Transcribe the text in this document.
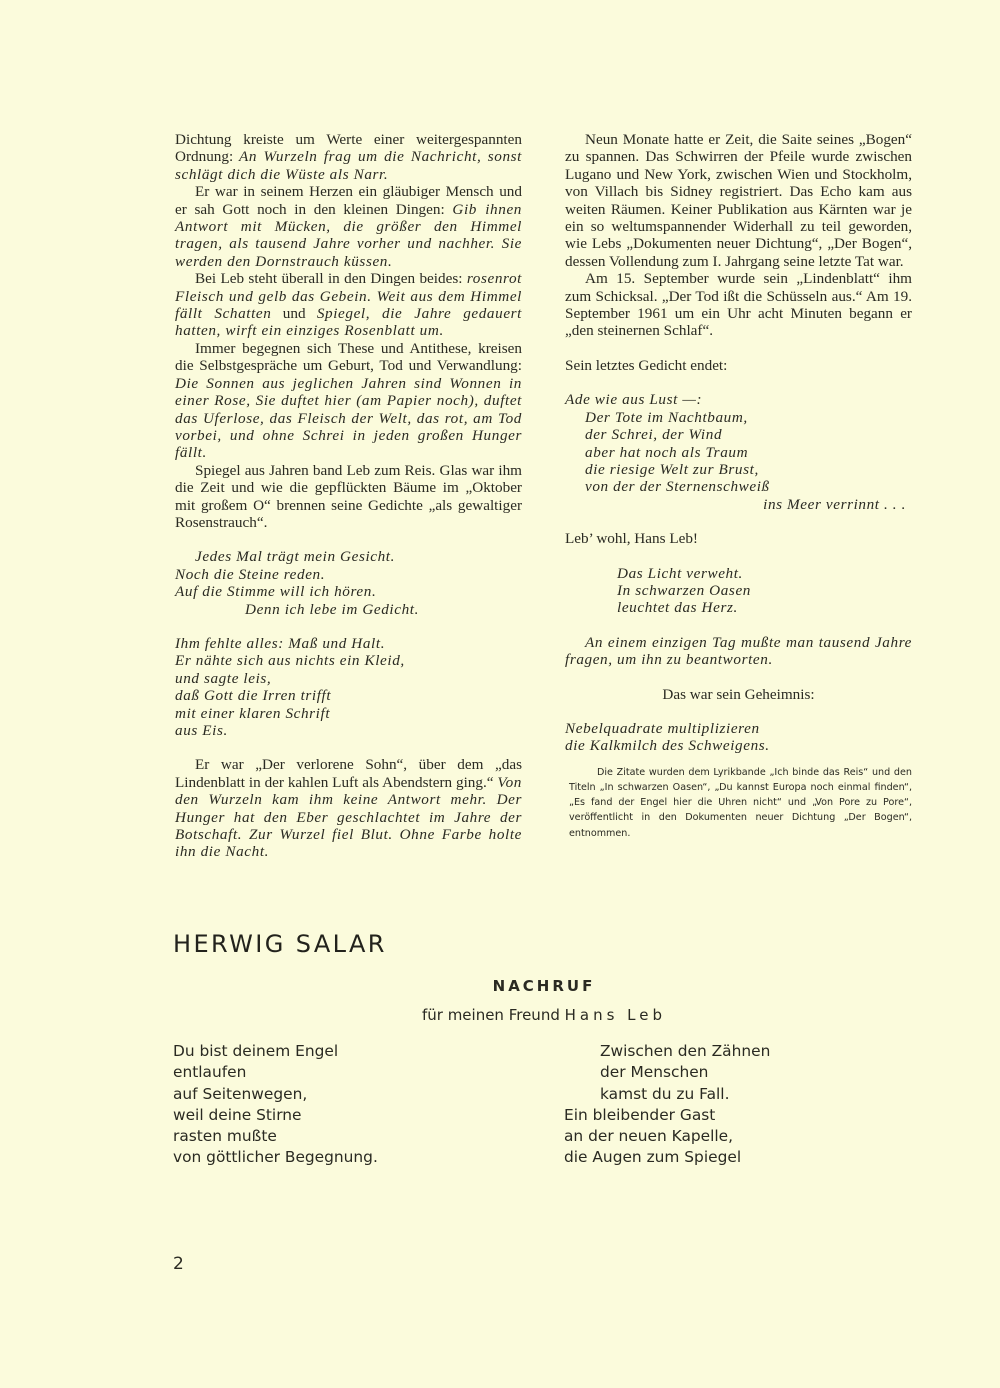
Dichtung kreiste um Werte einer weitergespannten Ordnung: An Wurzeln frag um die Nachricht, sonst schlägt dich die Wüste als Narr.

Er war in seinem Herzen ein gläubiger Mensch und er sah Gott noch in den kleinen Dingen: Gib ihnen Antwort mit Mücken, die größer den Himmel tragen, als tausend Jahre vorher und nachher. Sie werden den Dornstrauch küssen.

Bei Leb steht überall in den Dingen beides: rosenrot Fleisch und gelb das Gebein. Weit aus dem Himmel fällt Schatten und Spiegel, die Jahre gedauert hatten, wirft ein einziges Rosenblatt um.

Immer begegnen sich These und Antithese, kreisen die Selbstgespräche um Geburt, Tod und Verwandlung: Die Sonnen aus jeglichen Jahren sind Wonnen in einer Rose, Sie duftet hier (am Papier noch), duftet das Uferlose, das Fleisch der Welt, das rot, am Tod vorbei, und ohne Schrei in jeden großen Hunger fällt.

Spiegel aus Jahren band Leb zum Reis. Glas war ihm die Zeit und wie die gepflückten Bäume im „Oktober mit großem O“ brennen seine Gedichte „als gewaltiger Rosenstrauch“.

Jedes Mal trägt mein Gesicht.
Noch die Steine reden.
Auf die Stimme will ich hören.
Denn ich lebe im Gedicht.
Ihm fehlte alles: Maß und Halt.
Er nähte sich aus nichts ein Kleid,
und sagte leis,
daß Gott die Irren trifft
mit einer klaren Schrift
aus Eis.

Er war „Der verlorene Sohn“, über dem „das Lindenblatt in der kahlen Luft als Abendstern ging.“ Von den Wurzeln kam ihm keine Antwort mehr. Der Hunger hat den Eber geschlachtet im Jahre der Botschaft. Zur Wurzel fiel Blut. Ohne Farbe holte ihn die Nacht.

Neun Monate hatte er Zeit, die Saite seines „Bogen“ zu spannen. Das Schwirren der Pfeile wurde zwischen Lugano und New York, zwischen Wien und Stockholm, von Villach bis Sidney registriert. Das Echo kam aus weiten Räumen. Keiner Publikation aus Kärnten war je ein so weltumspannender Widerhall zu teil geworden, wie Lebs „Dokumenten neuer Dichtung“, „Der Bogen“, dessen Vollendung zum I. Jahrgang seine letzte Tat war.

Am 15. September wurde sein „Lindenblatt“ ihm zum Schicksal. „Der Tod ißt die Schüsseln aus.“ Am 19. September 1961 um ein Uhr acht Minuten begann er „den steinernen Schlaf“.

Sein letztes Gedicht endet:

Ade wie aus Lust —:
Der Tote im Nachtbaum,
der Schrei, der Wind
aber hat noch als Traum
die riesige Welt zur Brust,
von der der Sternenschweiß
ins Meer verrinnt . . .

Leb’ wohl, Hans Leb!

Das Licht verweht.
In schwarzen Oasen
leuchtet das Herz.

An einem einzigen Tag mußte man tausend Jahre fragen, um ihn zu beantworten.

Das war sein Geheimnis:

Nebelquadrate multiplizieren
die Kalkmilch des Schweigens.
Die Zitate wurden dem Lyrikbande „Ich binde das Reis“ und den Titeln „In schwarzen Oasen“, „Du kannst Europa noch einmal finden“, „Es fand der Engel hier die Uhren nicht“ und „Von Pore zu Pore“, veröffentlicht in den Dokumenten neuer Dichtung „Der Bogen“, entnommen.
HERWIG SALAR
NACHRUF
für meinen Freund Hans Leb
Du bist deinem Engel
entlaufen
auf Seitenwegen,
weil deine Stirne
rasten mußte
von göttlicher Begegnung.
Zwischen den Zähnen
der Menschen
kamst du zu Fall.
Ein bleibender Gast
an der neuen Kapelle,
die Augen zum Spiegel
2
